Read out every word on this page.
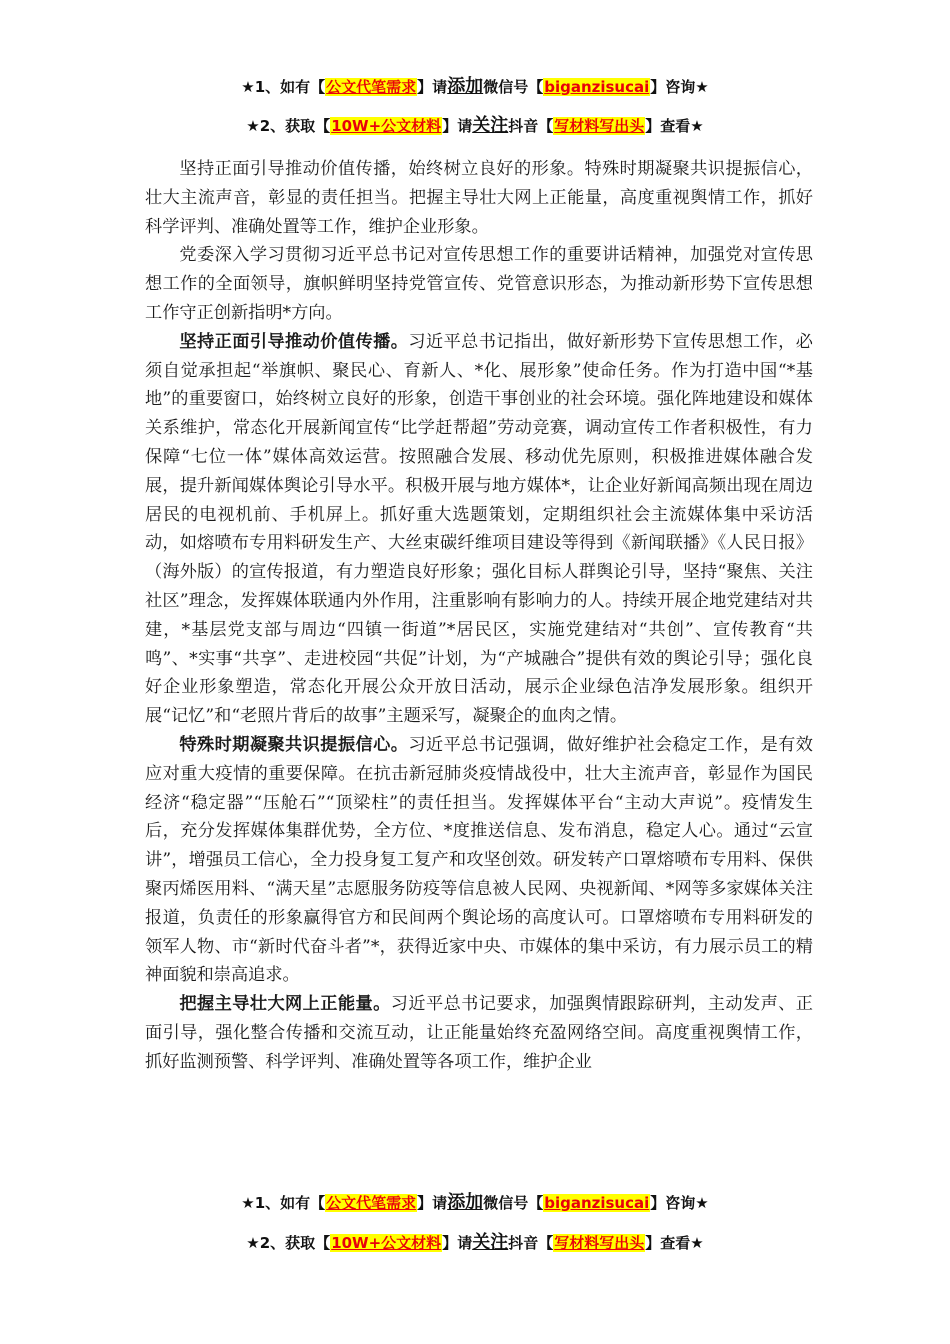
★1、如有【公文代笔需求】请添加微信号【biganzisucai】咨询★
★2、获取【10W+公文材料】请关注抖音【写材料写出头】查看★

坚持正面引导推动价值传播，始终树立良好的形象。特殊时期凝聚共识提振信心，壮大主流声音，彰显的责任担当。把握主导壮大网上正能量，高度重视舆情工作，抓好科学评判、准确处置等工作，维护企业形象。

党委深入学习贯彻习近平总书记对宣传思想工作的重要讲话精神，加强党对宣传思想工作的全面领导，旗帜鲜明坚持党管宣传、党管意识形态，为推动新形势下宣传思想工作守正创新指明*方向。

坚持正面引导推动价值传播。习近平总书记指出，做好新形势下宣传思想工作，必须自觉承担起“举旗帜、聚民心、育新人、*化、展形象”使命任务。作为打造中国“*基地”的重要窗口，始终树立良好的形象，创造干事创业的社会环境。强化阵地建设和媒体关系维护，常态化开展新闻宣传“比学赶帮超”劳动竞赛，调动宣传工作者积极性，有力保障“七位一体”媒体高效运营。按照融合发展、移动优先原则，积极推进媒体融合发展，提升新闻媒体舆论引导水平。积极开展与地方媒体*，让企业好新闻高频出现在周边居民的电视机前、手机屏上。抓好重大选题策划，定期组织社会主流媒体集中采访活动，如熔喷布专用料研发生产、大丝束碳纤维项目建设等得到《新闻联播》《人民日报》（海外版）的宣传报道，有力塑造良好形象；强化目标人群舆论引导，坚持“聚焦、关注社区”理念，发挥媒体联通内外作用，注重影响有影响力的人。持续开展企地党建结对共建，*基层党支部与周边“四镇一街道”*居民区，实施党建结对“共创”、宣传教育“共鸣”、*实事“共享”、走进校园“共促”计划，为“产城融合”提供有效的舆论引导；强化良好企业形象塑造，常态化开展公众开放日活动，展示企业绿色洁净发展形象。组织开展“记忆”和“老照片背后的故事”主题采写，凝聚企的血肉之情。

特殊时期凝聚共识提振信心。习近平总书记强调，做好维护社会稳定工作，是有效应对重大疫情的重要保障。在抗击新冠肺炎疫情战役中，壮大主流声音，彰显作为国民经济“稳定器”“压舱石”“顶梁柱”的责任担当。发挥媒体平台“主动大声说”。疫情发生后，充分发挥媒体集群优势，全方位、*度推送信息、发布消息，稳定人心。通过“云宣讲”，增强员工信心，全力投身复工复产和攻坚创效。研发转产口罩熔喷布专用料、保供聚丙烯医用料、“满天星”志愿服务防疫等信息被人民网、央视新闻、*网等多家媒体关注报道，负责任的形象赢得官方和民间两个舆论场的高度认可。口罩熔喷布专用料研发的领军人物、市“新时代奋斗者”*，获得近家中央、市媒体的集中采访，有力展示员工的精神面貌和崇高追求。

把握主导壮大网上正能量。习近平总书记要求，加强舆情跟踪研判，主动发声、正面引导，强化整合传播和交流互动，让正能量始终充盈网络空间。高度重视舆情工作，抓好监测预警、科学评判、准确处置等各项工作，维护企业

★1、如有【公文代笔需求】请添加微信号【biganzisucai】咨询★
★2、获取【10W+公文材料】请关注抖音【写材料写出头】查看★
